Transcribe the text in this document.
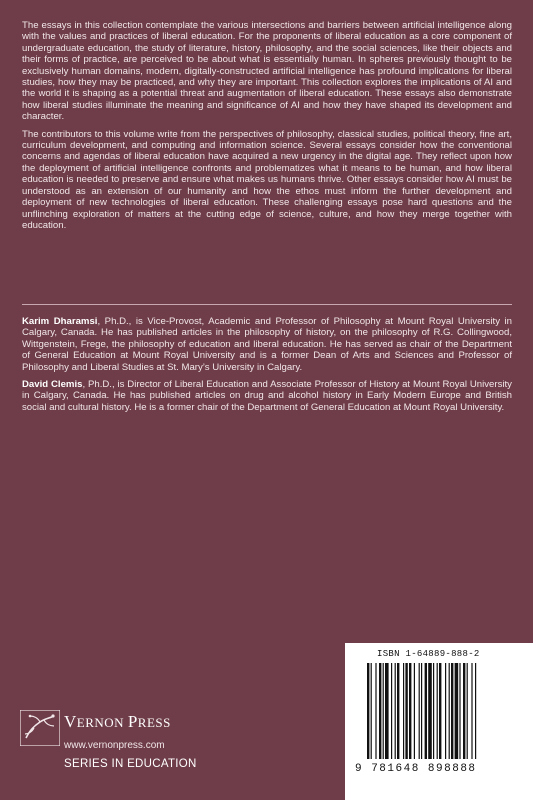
The essays in this collection contemplate the various intersections and barriers between artificial intelligence along with the values and practices of liberal education. For the proponents of liberal education as a core component of undergraduate education, the study of literature, history, philosophy, and the social sciences, like their objects and their forms of practice, are perceived to be about what is essentially human. In spheres previously thought to be exclusively human domains, modern, digitally-constructed artificial intelligence has profound implications for liberal studies, how they may be practiced, and why they are important. This collection explores the implications of AI and the world it is shaping as a potential threat and augmentation of liberal education. These essays also demonstrate how liberal studies illuminate the meaning and significance of AI and how they have shaped its development and character.

The contributors to this volume write from the perspectives of philosophy, classical studies, political theory, fine art, curriculum development, and computing and information science. Several essays consider how the conventional concerns and agendas of liberal education have acquired a new urgency in the digital age. They reflect upon how the deployment of artificial intelligence confronts and problematizes what it means to be human, and how liberal education is needed to preserve and ensure what makes us humans thrive. Other essays consider how AI must be understood as an extension of our humanity and how the ethos must inform the further development and deployment of new technologies of liberal education. These challenging essays pose hard questions and the unflinching exploration of matters at the cutting edge of science, culture, and how they merge together with education.

Karim Dharamsi, Ph.D., is Vice-Provost, Academic and Professor of Philosophy at Mount Royal University in Calgary, Canada. He has published articles in the philosophy of history, on the philosophy of R.G. Collingwood, Wittgenstein, Frege, the philosophy of education and liberal education. He has served as chair of the Department of General Education at Mount Royal University and is a former Dean of Arts and Sciences and Professor of Philosophy and Liberal Studies at St. Mary’s University in Calgary.

David Clemis, Ph.D., is Director of Liberal Education and Associate Professor of History at Mount Royal University in Calgary, Canada. He has published articles on drug and alcohol history in Early Modern Europe and British social and cultural history. He is a former chair of the Department of General Education at Mount Royal University.

ISBN 1-64889-888-2
9 781648 898888
VERNON PRESS
www.vernonpress.com
SERIES IN EDUCATION
